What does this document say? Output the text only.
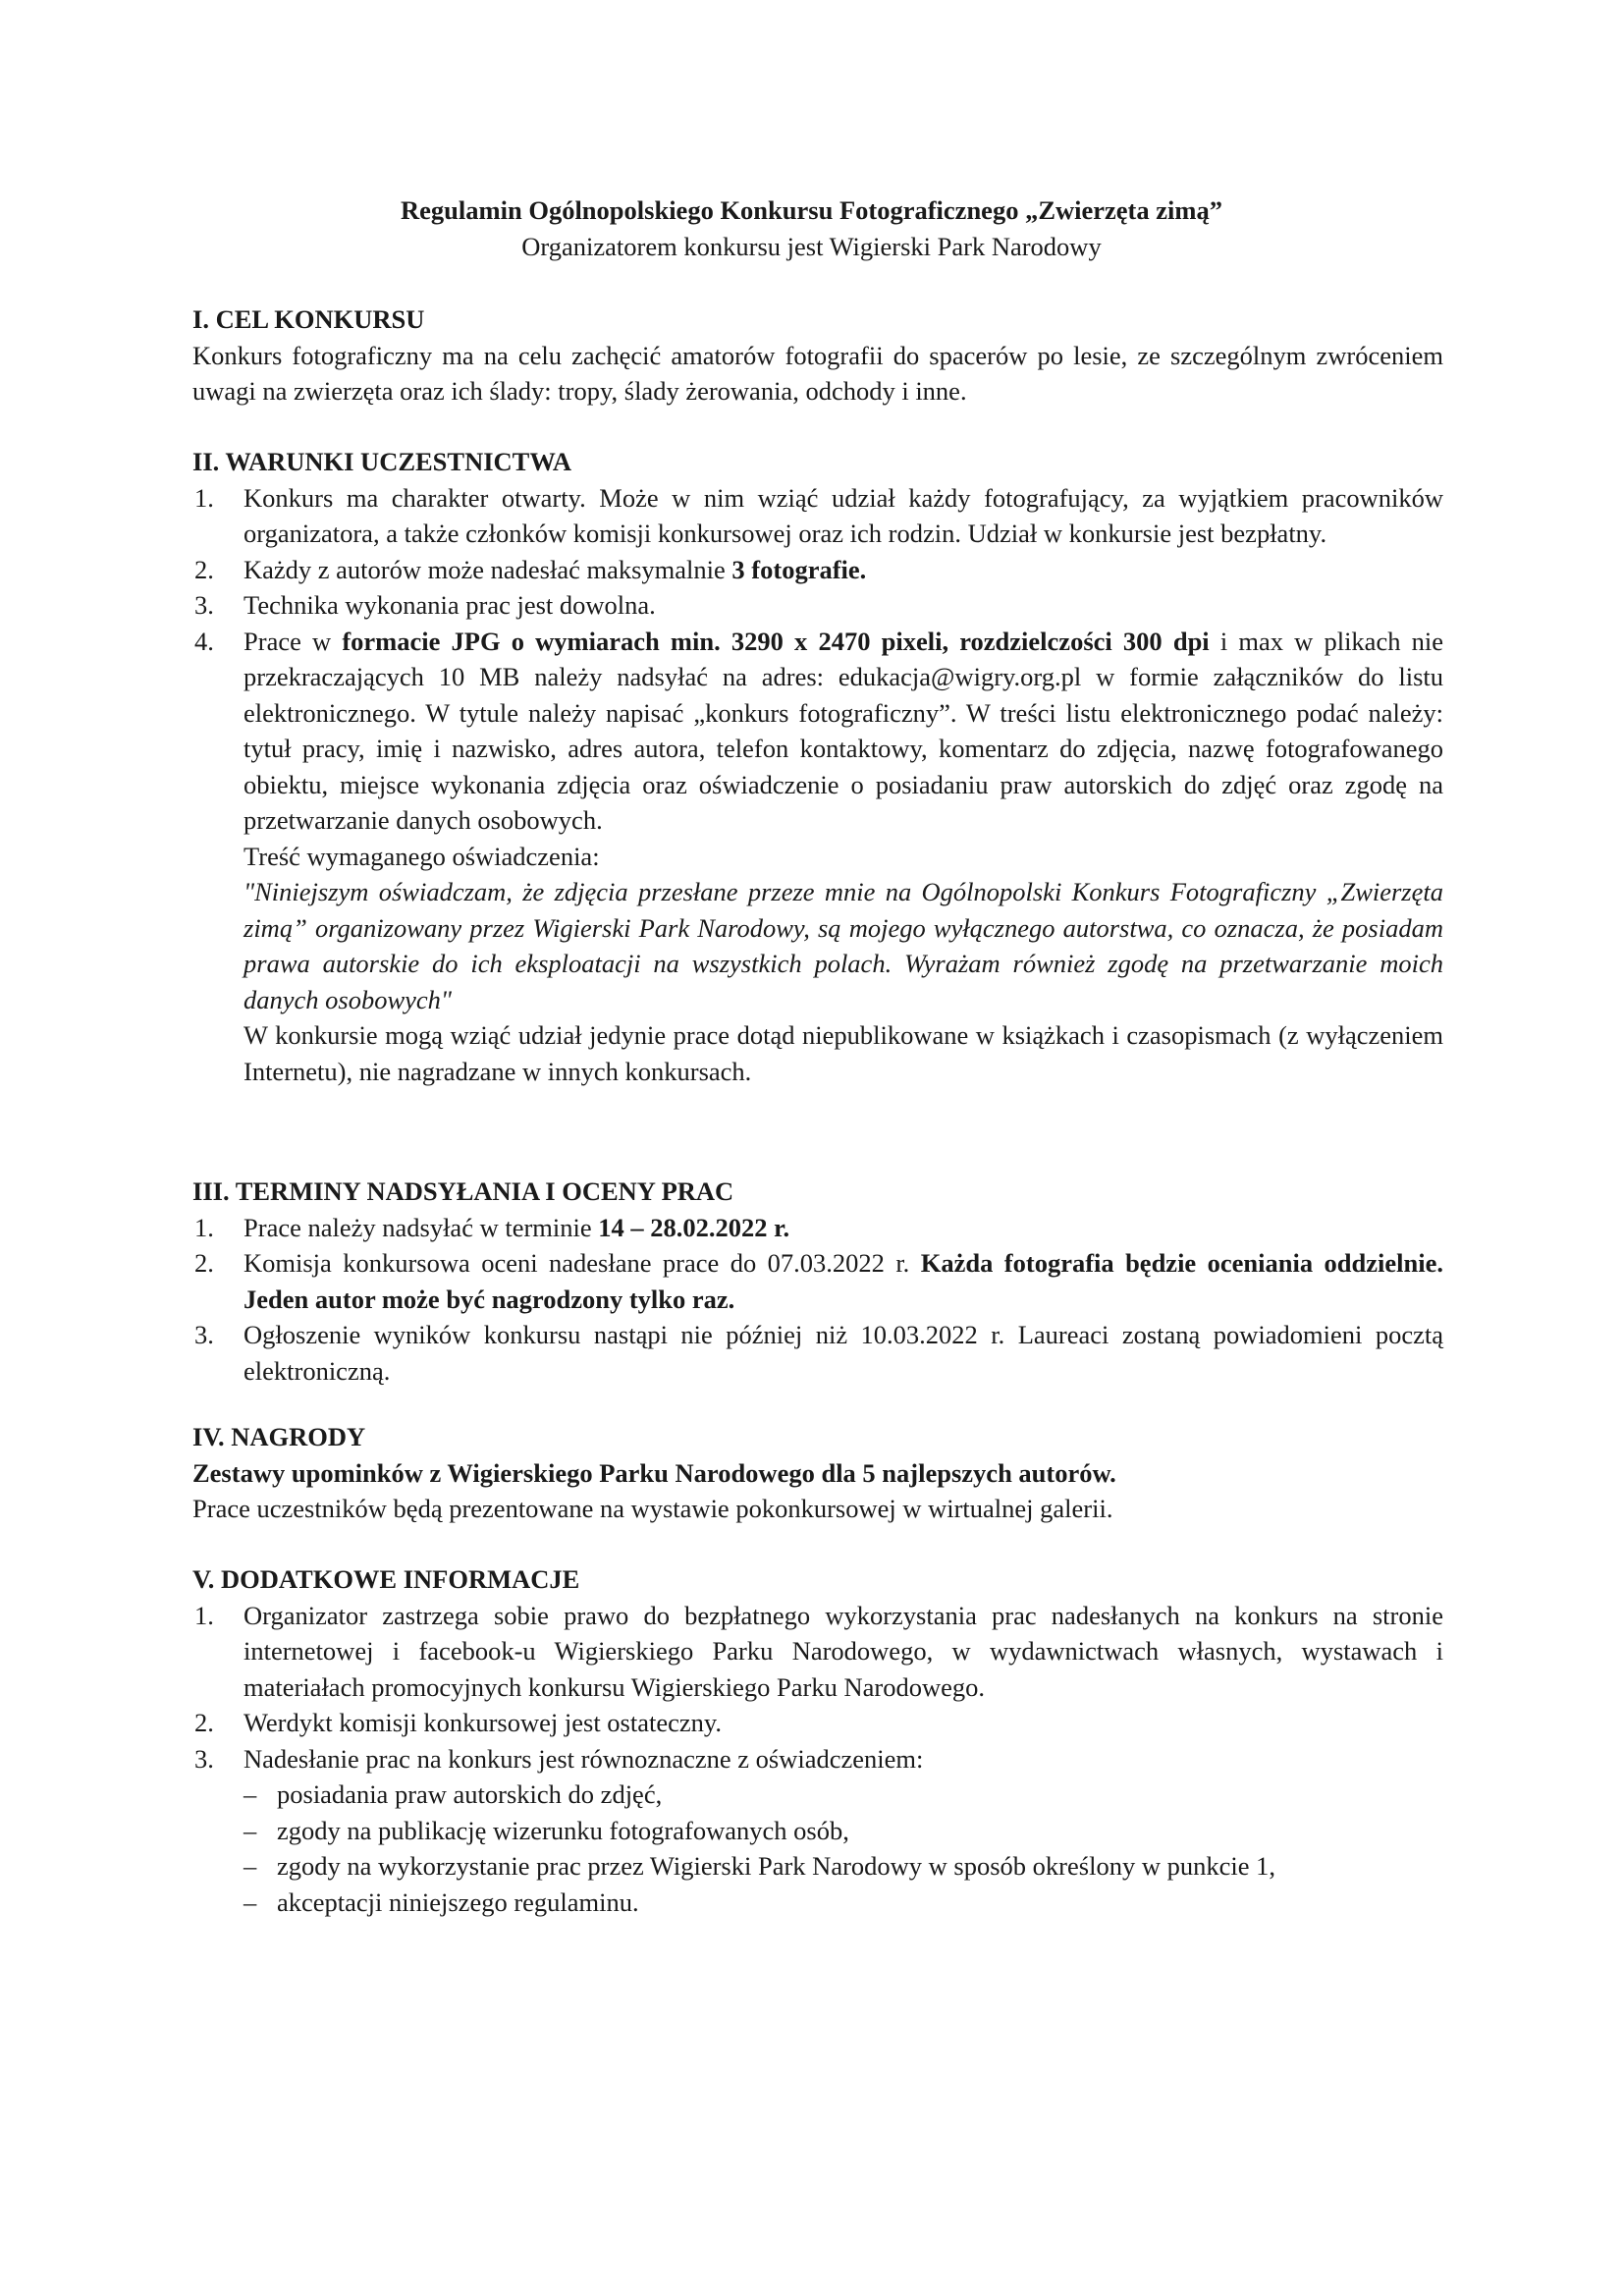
Regulamin Ogólnopolskiego Konkursu Fotograficznego „Zwierzęta zimą”
Organizatorem konkursu jest Wigierski Park Narodowy
I. CEL KONKURSU

Konkurs fotograficzny ma na celu zachęcić amatorów fotografii do spacerów po lesie, ze szczególnym zwróceniem uwagi na zwierzęta oraz ich ślady: tropy, ślady żerowania, odchody i inne.

II. WARUNKI UCZESTNICTWA
1. Konkurs ma charakter otwarty. Może w nim wziąć udział każdy fotografujący, za wyjątkiem pracowników organizatora, a także członków komisji konkursowej oraz ich rodzin. Udział w konkursie jest bezpłatny.
2. Każdy z autorów może nadesłać maksymalnie 3 fotografie.
3. Technika wykonania prac jest dowolna.
4. Prace w formacie JPG o wymiarach min. 3290 x 2470 pixeli, rozdzielczości 300 dpi i max w plikach nie przekraczających 10 MB należy nadsyłać na adres: edukacja@wigry.org.pl w formie załączników do listu elektronicznego. W tytule należy napisać „konkurs fotograficzny”. W treści listu elektronicznego podać należy: tytuł pracy, imię i nazwisko, adres autora, telefon kontaktowy, komentarz do zdjęcia, nazwę fotografowanego obiektu, miejsce wykonania zdjęcia oraz oświadczenie o posiadaniu praw autorskich do zdjęć oraz zgodę na przetwarzanie danych osobowych.
Treść wymaganego oświadczenia:
"Niniejszym oświadczam, że zdjęcia przesłane przeze mnie na Ogólnopolski Konkurs Fotograficzny „Zwierzęta zimą” organizowany przez Wigierski Park Narodowy, są mojego wyłącznego autorstwa, co oznacza, że posiadam prawa autorskie do ich eksploatacji na wszystkich polach. Wyrażam również zgodę na przetwarzanie moich danych osobowych"
W konkursie mogą wziąć udział jedynie prace dotąd niepublikowane w książkach i czasopismach (z wyłączeniem Internetu), nie nagradzane w innych konkursach.
III. TERMINY NADSYŁANIA I OCENY PRAC
1. Prace należy nadsyłać w terminie 14 – 28.02.2022 r.
2. Komisja konkursowa oceni nadesłane prace do 07.03.2022 r. Każda fotografia będzie oceniania oddzielnie. Jeden autor może być nagrodzony tylko raz.
3. Ogłoszenie wyników konkursu nastąpi nie później niż 10.03.2022 r. Laureaci zostaną powiadomieni pocztą elektroniczną.
IV. NAGRODY
Zestawy upominków z Wigierskiego Parku Narodowego dla 5 najlepszych autorów.

Prace uczestników będą prezentowane na wystawie pokonkursowej w wirtualnej galerii.

V. DODATKOWE INFORMACJE
1. Organizator zastrzega sobie prawo do bezpłatnego wykorzystania prac nadesłanych na konkurs na stronie internetowej i facebook-u Wigierskiego Parku Narodowego, w wydawnictwach własnych, wystawach i materiałach promocyjnych konkursu Wigierskiego Parku Narodowego.
2. Werdykt komisji konkursowej jest ostateczny.
3. Nadesłanie prac na konkurs jest równoznaczne z oświadczeniem:
– posiadania praw autorskich do zdjęć,
– zgody na publikację wizerunku fotografowanych osób,
– zgody na wykorzystanie prac przez Wigierski Park Narodowy w sposób określony w punkcie 1,
– akceptacji niniejszego regulaminu.
